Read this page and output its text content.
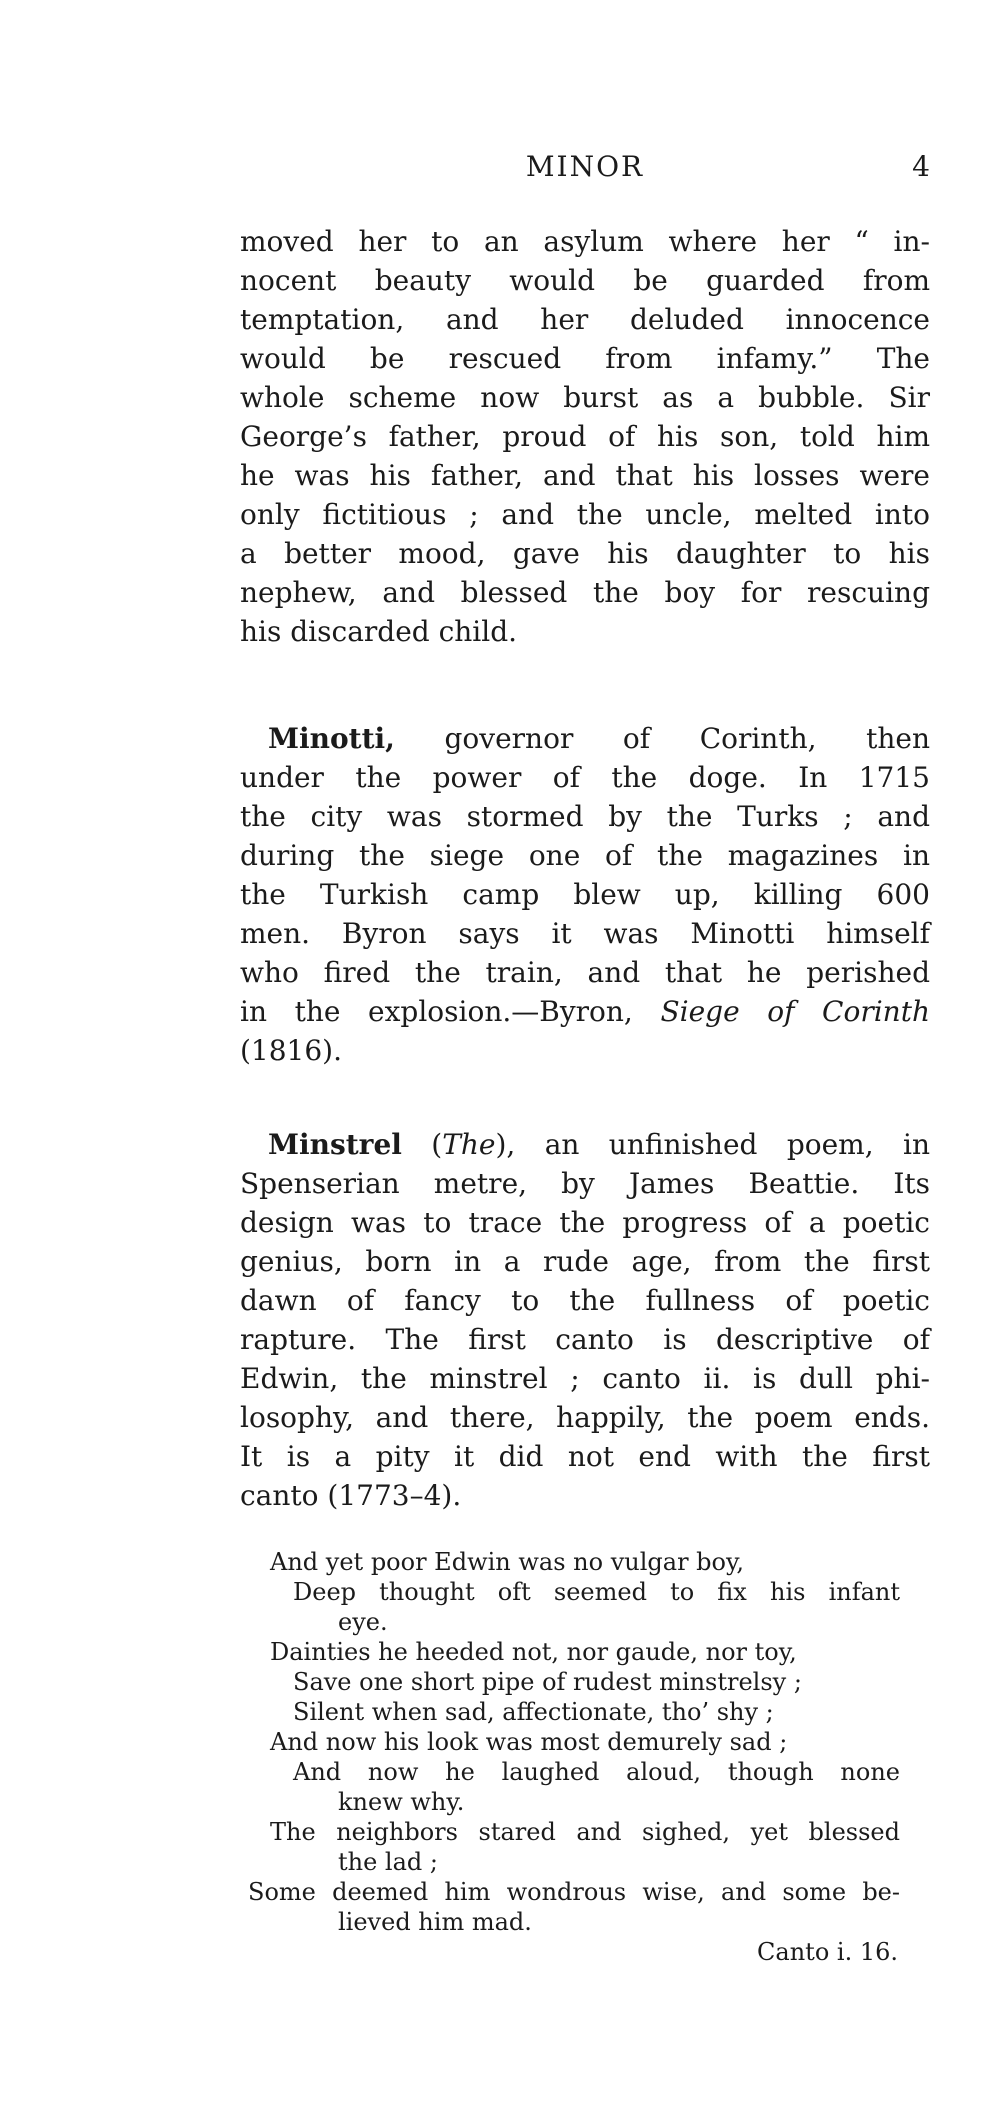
MINOR	4
moved her to an asylum where her “ in-
nocent beauty would be guarded from
temptation, and her deluded innocence
would be rescued from infamy.” The
whole scheme now burst as a bubble. Sir
George’s father, proud of his son, told him
he was his father, and that his losses were
only fictitious ; and the uncle, melted into
a better mood, gave his daughter to his
nephew, and blessed the boy for rescuing
his discarded child.
Minotti, governor of Corinth, then
under the power of the doge. In 1715
the city was stormed by the Turks ; and
during the siege one of the magazines in
the Turkish camp blew up, killing 600
men. Byron says it was Minotti himself
who fired the train, and that he perished
in the explosion.—Byron, Siege of Corinth
(1816).
Minstrel (The), an unfinished poem, in
Spenserian metre, by James Beattie. Its
design was to trace the progress of a poetic
genius, born in a rude age, from the first
dawn of fancy to the fullness of poetic
rapture. The first canto is descriptive of
Edwin, the minstrel ; canto ii. is dull phi-
losophy, and there, happily, the poem ends.
It is a pity it did not end with the first
canto (1773–4).
And yet poor Edwin was no vulgar boy,
Deep thought oft seemed to fix his infant
eye.
Dainties he heeded not, nor gaude, nor toy,
Save one short pipe of rudest minstrelsy ;
Silent when sad, affectionate, tho’ shy ;
And now his look was most demurely sad ;
And now he laughed aloud, though none
knew why.
The neighbors stared and sighed, yet blessed
the lad ;
Some deemed him wondrous wise, and some be-
lieved him mad.
Canto i. 16.
